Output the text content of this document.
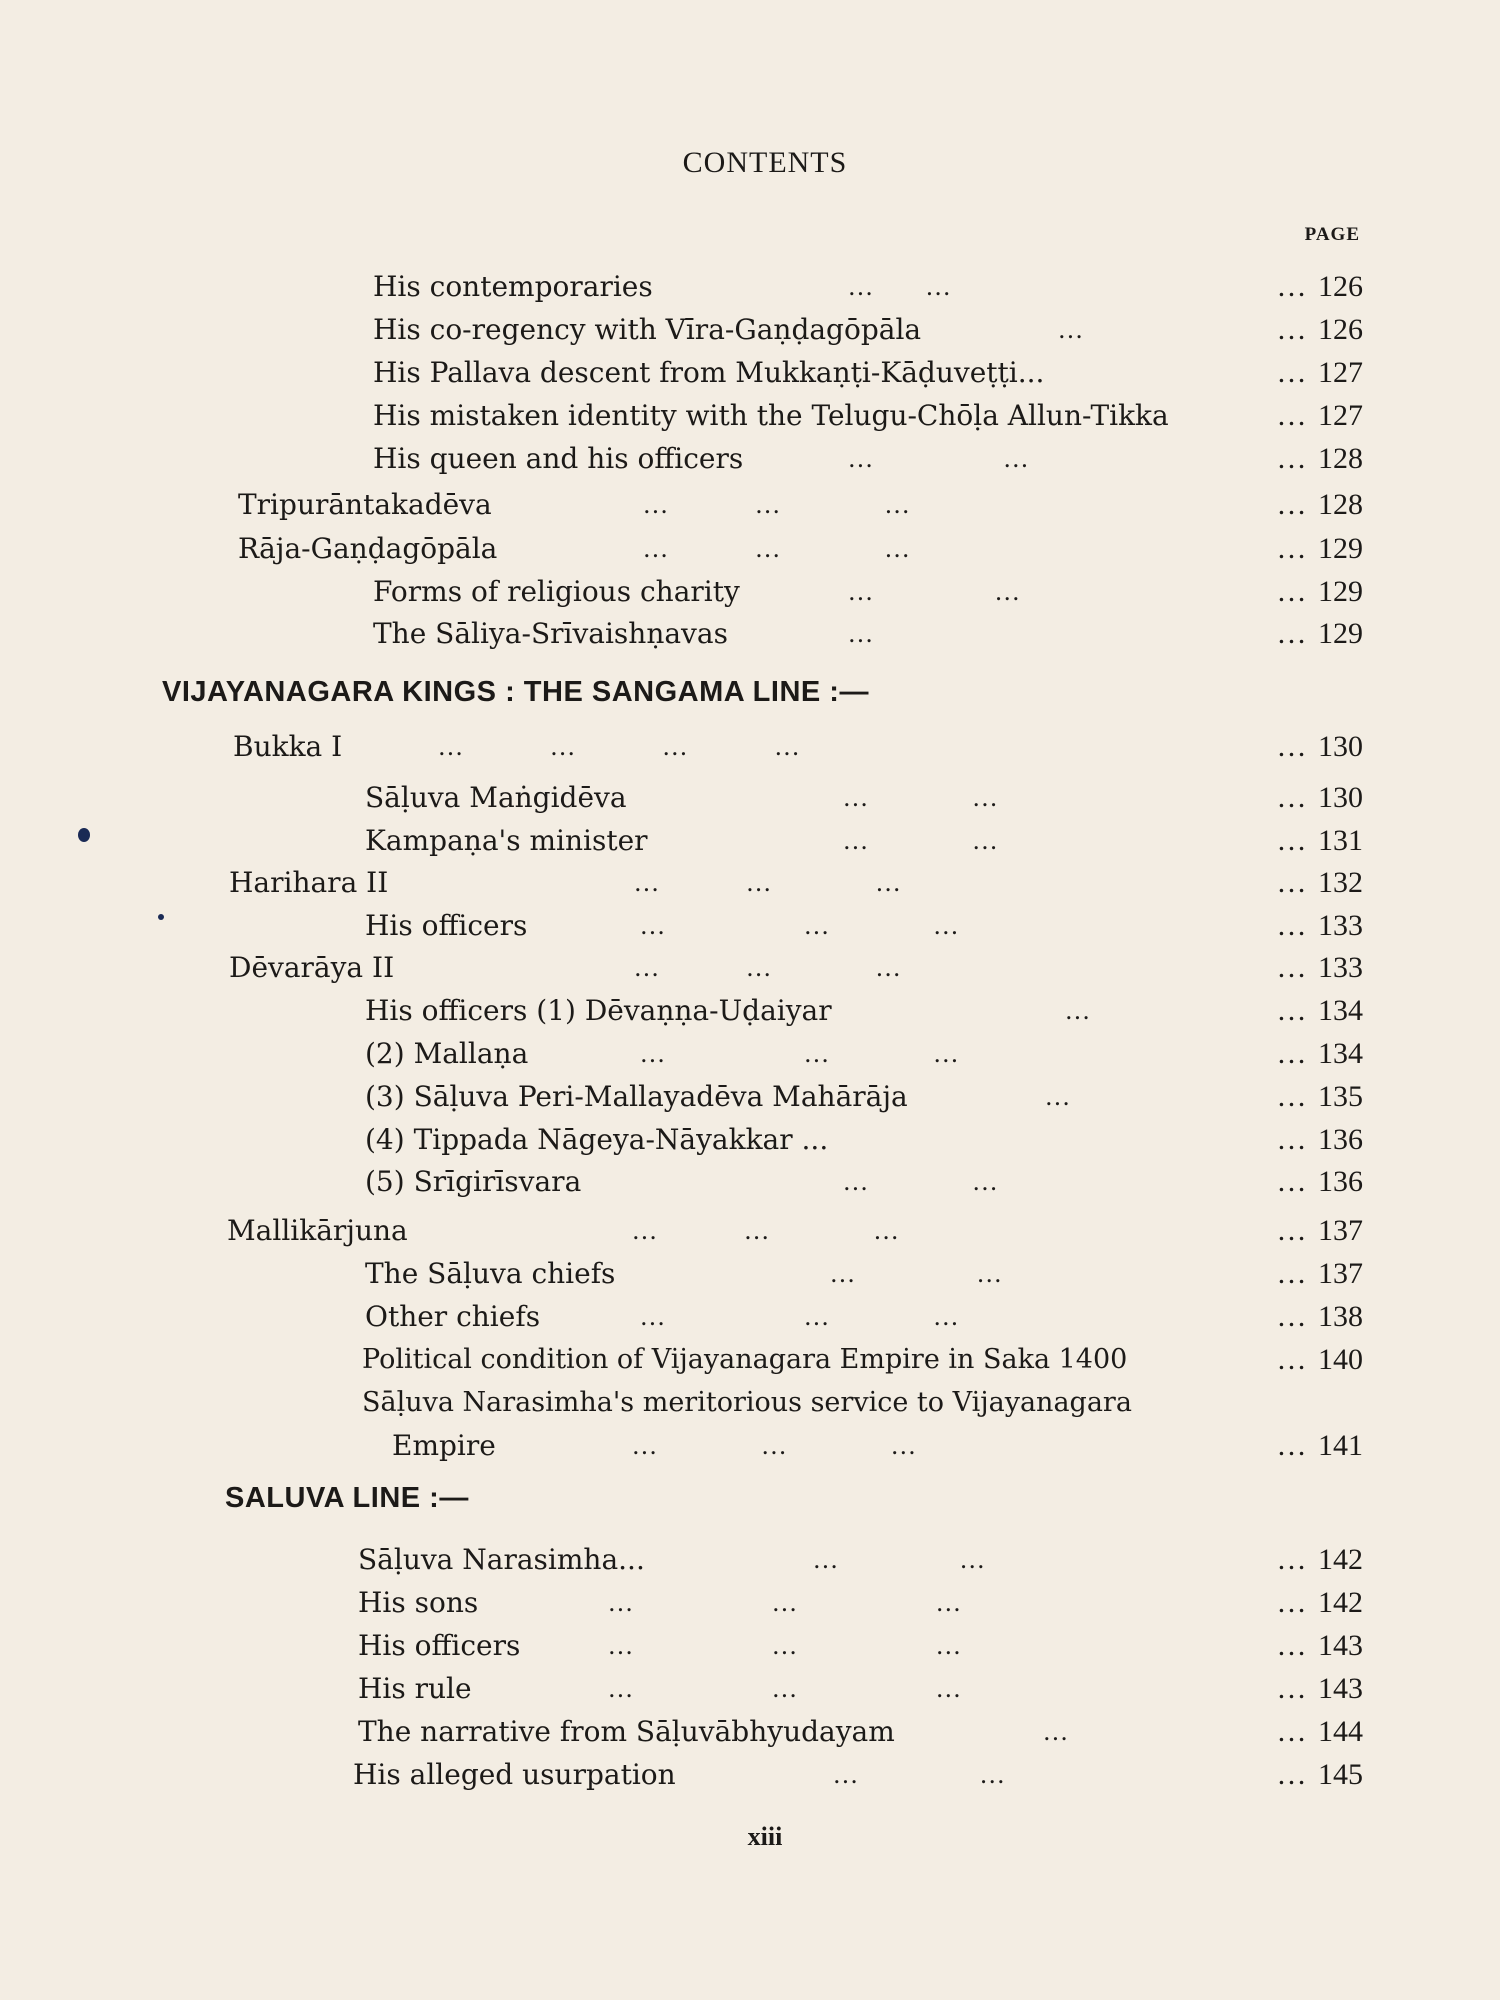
CONTENTS
PAGE
His contemporaries	...      ...	… 126
His co-regency with Vīra-Gaṇḍagōpāla	...	… 126
His Pallava descent from Mukkaṇṭi-Kāḍuveṭṭi...	… 127
His mistaken identity with the Telugu-Chōḷa Allun-Tikka	… 127
His queen and his officers	...               ...	… 128
Tripurāntakadēva	...          ...            ...	… 128
Rāja-Gaṇḍagōpāla	...          ...            ...	… 129
Forms of religious charity	...              ...	… 129
The Sāliya-Srīvaishṇavas	...	… 129
VIJAYANAGARA KINGS : THE SANGAMA LINE :—
Bukka I	...          ...          ...          ...	… 130
Sāḷuva Maṅgidēva	...            ...	… 130
Kampaṇa's minister	...            ...	… 131
Harihara II	...          ...            ...	… 132
His officers	...                ...            ...	… 133
Dēvarāya II	...          ...            ...	… 133
His officers (1) Dēvaṇṇa-Uḍaiyar	...	… 134
(2) Mallaṇa	...                ...            ...	… 134
(3) Sāḷuva Peri-Mallayadēva Mahārāja	...	… 135
(4) Tippada Nāgeya-Nāyakkar ...	… 136
(5) Srīgirīsvara	...            ...	… 136
Mallikārjuna	...          ...            ...	… 137
The Sāḷuva chiefs	...              ...	… 137
Other chiefs	...                ...            ...	… 138
Political condition of Vijayanagara Empire in Saka 1400	… 140
Sāḷuva Narasimha's meritorious service to Vijayanagara
Empire	...            ...            ...	… 141
SALUVA LINE :—
Sāḷuva Narasimha...	...              ...	… 142
His sons	...                ...                ...	… 142
His officers	...                ...                ...	… 143
His rule	...                ...                ...	… 143
The narrative from Sāḷuvābhyudayam	...	… 144
His alleged usurpation	...              ...	… 145
xiii
